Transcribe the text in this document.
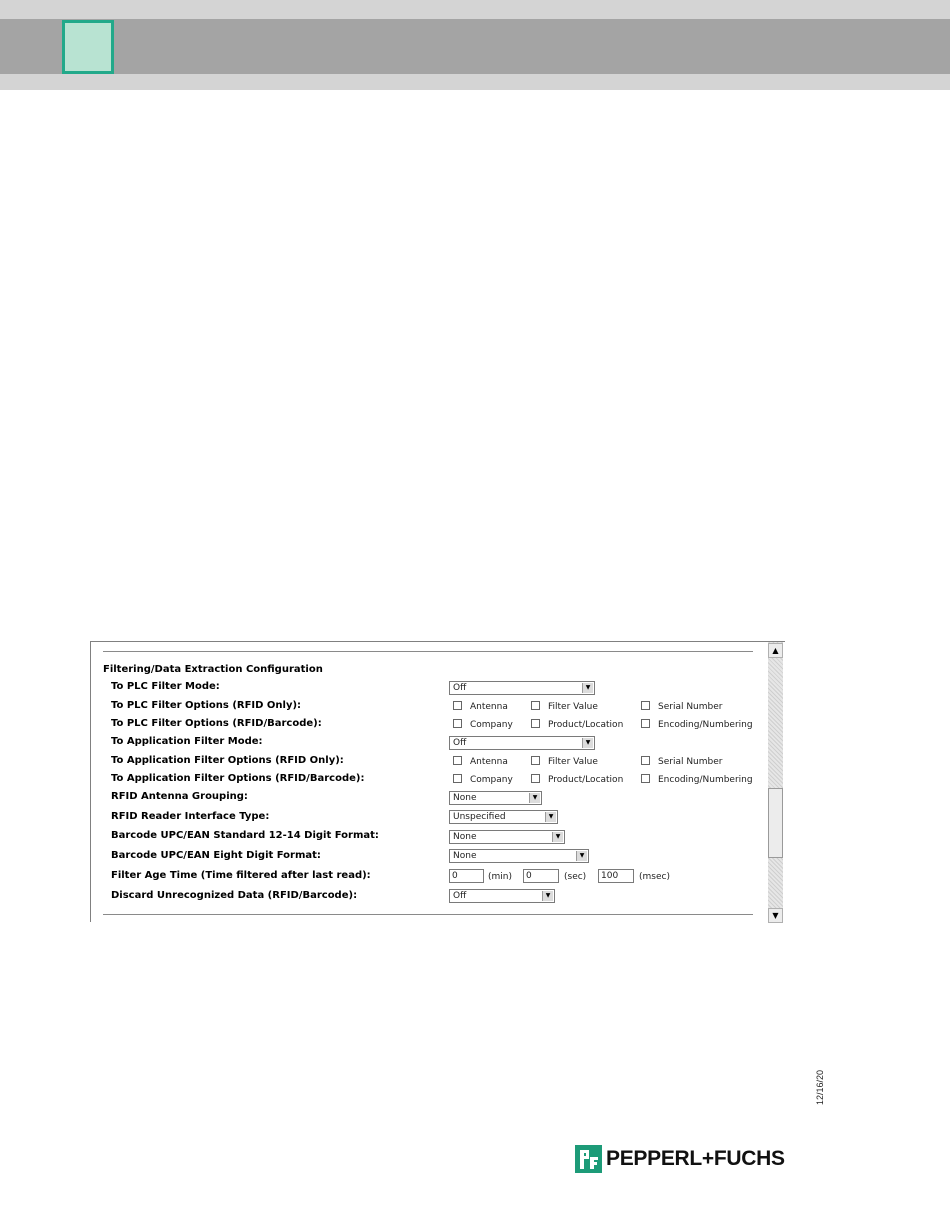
Filtering/Data Extraction Configuration
To PLC Filter Mode:	Off	▼
To PLC Filter Options (RFID Only):	Antenna	Filter Value	Serial Number
To PLC Filter Options (RFID/Barcode):	Company	Product/Location	Encoding/Numbering
To Application Filter Mode:	Off	▼
To Application Filter Options (RFID Only):	Antenna	Filter Value	Serial Number
To Application Filter Options (RFID/Barcode):	Company	Product/Location	Encoding/Numbering
RFID Antenna Grouping:	None	▼
RFID Reader Interface Type:	Unspecified	▼
Barcode UPC/EAN Standard 12-14 Digit Format:	None	▼
Barcode UPC/EAN Eight Digit Format:	None	▼
Filter Age Time (Time filtered after last read):	0	(min)	0	(sec)	100	(msec)
Discard Unrecognized Data (RFID/Barcode):	Off	▼
▲
▼
12/16/20
PEPPERL+FUCHS
